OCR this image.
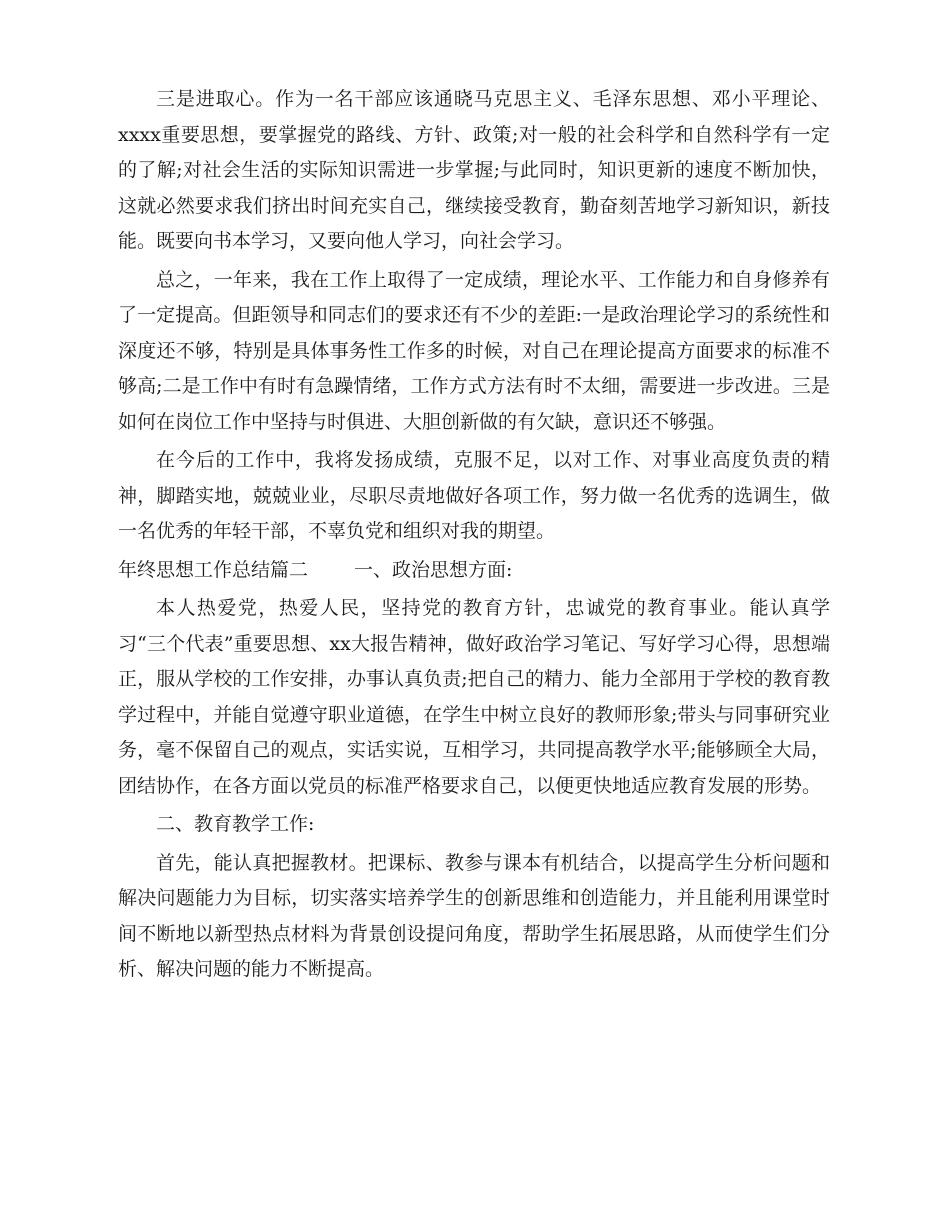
三是进取心。作为一名干部应该通晓马克思主义、毛泽东思想、邓小平理论、xxxx重要思想，要掌握党的路线、方针、政策;对一般的社会科学和自然科学有一定的了解;对社会生活的实际知识需进一步掌握;与此同时，知识更新的速度不断加快，这就必然要求我们挤出时间充实自己，继续接受教育，勤奋刻苦地学习新知识，新技能。既要向书本学习，又要向他人学习，向社会学习。

总之，一年来，我在工作上取得了一定成绩，理论水平、工作能力和自身修养有了一定提高。但距领导和同志们的要求还有不少的差距:一是政治理论学习的系统性和深度还不够，特别是具体事务性工作多的时候，对自己在理论提高方面要求的标准不够高;二是工作中有时有急躁情绪，工作方式方法有时不太细，需要进一步改进。三是如何在岗位工作中坚持与时俱进、大胆创新做的有欠缺，意识还不够强。

在今后的工作中，我将发扬成绩，克服不足，以对工作、对事业高度负责的精神，脚踏实地，兢兢业业，尽职尽责地做好各项工作，努力做一名优秀的选调生，做一名优秀的年轻干部，不辜负党和组织对我的期望。

年终思想工作总结篇二 一、政治思想方面:

本人热爱党，热爱人民，坚持党的教育方针，忠诚党的教育事业。能认真学习“三个代表”重要思想、xx大报告精神，做好政治学习笔记、写好学习心得，思想端正，服从学校的工作安排，办事认真负责;把自己的精力、能力全部用于学校的教育教学过程中，并能自觉遵守职业道德，在学生中树立良好的教师形象;带头与同事研究业务，毫不保留自己的观点，实话实说，互相学习，共同提高教学水平;能够顾全大局，团结协作，在各方面以党员的标准严格要求自己，以便更快地适应教育发展的形势。

二、教育教学工作:

首先，能认真把握教材。把课标、教参与课本有机结合，以提高学生分析问题和解决问题能力为目标，切实落实培养学生的创新思维和创造能力，并且能利用课堂时间不断地以新型热点材料为背景创设提问角度，帮助学生拓展思路，从而使学生们分析、解决问题的能力不断提高。
